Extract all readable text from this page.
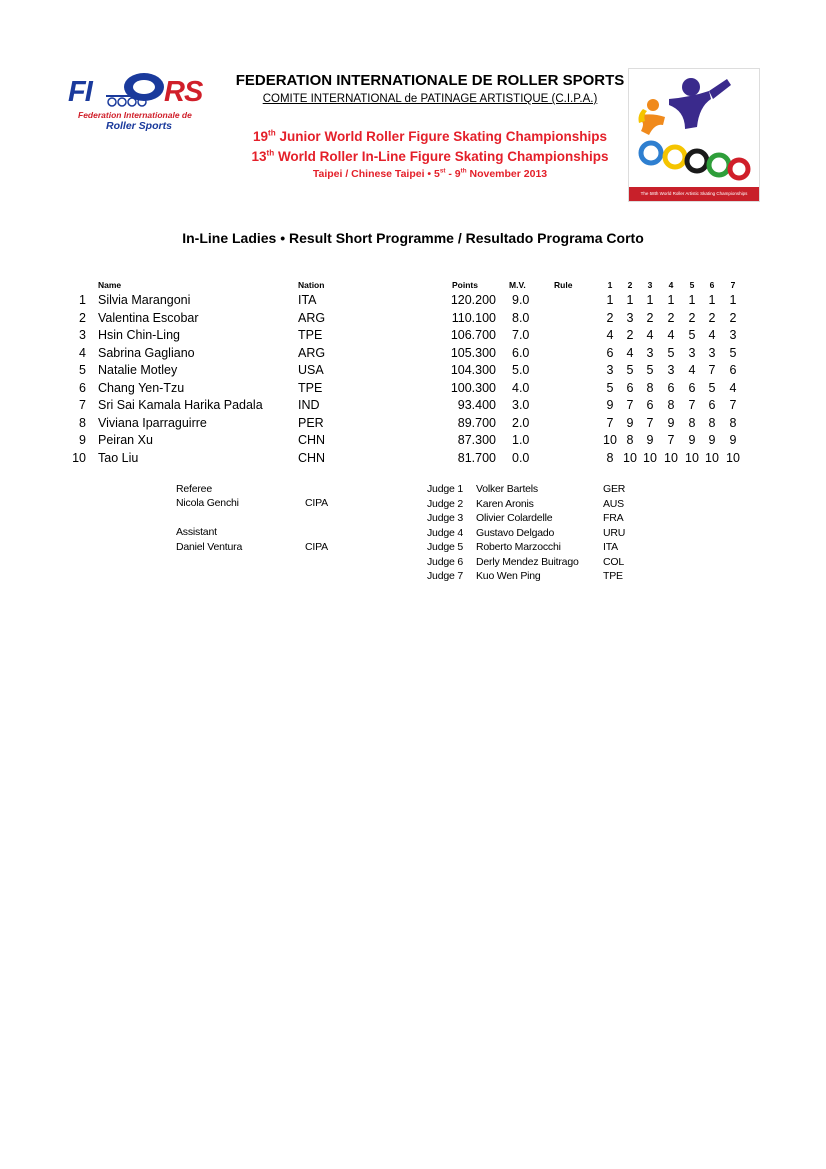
FI RS
Federation Internationale de
Roller Sports
FEDERATION INTERNATIONALE DE ROLLER SPORTS
COMITE INTERNATIONAL de PATINAGE ARTISTIQUE (C.I.P.A.)
19th Junior World Roller Figure Skating Championships
13th World Roller In-Line Figure Skating Championships
Taipei / Chinese Taipei • 5st - 9th November 2013
The 58th World Roller Artistic Skating Championships
In-Line Ladies • Result Short Programme / Resultado Programa Corto
Name	Nation	Points	M.V.	Rule	1	2	3	4	5	6	7
1 Silvia Marangoni	ITA	120.200 9.0	1	1	1	1	1	1	1
2 Valentina Escobar	ARG	110.100 8.0	2	3	2	2	2	2	2
3 Hsin Chin-Ling	TPE	106.700 7.0	4	2	4	4	5	4	3
4 Sabrina Gagliano	ARG	105.300 6.0	6	4	3	5	3	3	5
5 Natalie Motley	USA	104.300 5.0	3	5	5	3	4	7	6
6 Chang Yen-Tzu	TPE	100.300 4.0	5	6	8	6	6	5	4
7 Sri Sai Kamala Harika Padala	IND	93.400 3.0	9	7	6	8	7	6	7
8 Viviana Iparraguirre	PER	89.700 2.0	7	9	7	9	8	8	8
9 Peiran Xu	CHN	87.300 1.0	10 8	9	7	9	9	9
10 Tao Liu	CHN	81.700 0.0	8 10 10 10 10 10 10
Referee
Nicola Genchi	CIPA
Assistant
Daniel Ventura	CIPA
Judge 1 Volker Bartels	GER
Judge 2 Karen Aronis	AUS
Judge 3 Olivier Colardelle	FRA
Judge 4 Gustavo Delgado	URU
Judge 5 Roberto Marzocchi	ITA
Judge 6 Derly Mendez Buitrago COL
Judge 7 Kuo Wen Ping	TPE
